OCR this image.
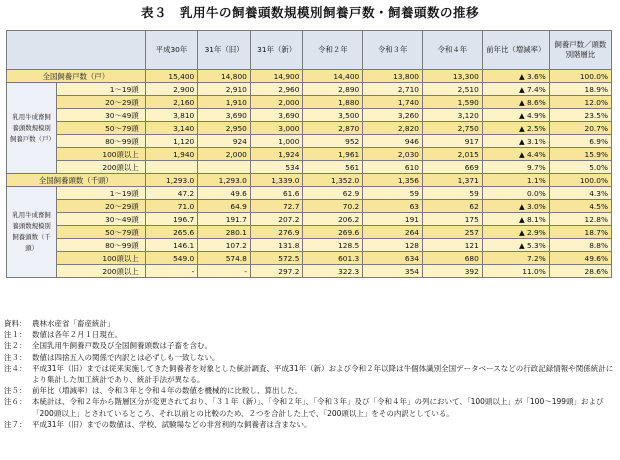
表３　乳用牛の飼養頭数規模別飼養戸数・飼養頭数の推移
		平成30年	31年（旧）	31年（新）	令和２年	令和３年	令和４年	前年比（増減率）	飼養戸数／頭数別階層比
全国飼養戸数（戸）		15,400	14,800	14,900	14,400	13,800	13,300	▲ 3.6%	100.0%
乳用牛成畜飼養頭数規模別飼養戸数（戸）	1〜19頭	2,900	2,910	2,960	2,890	2,710	2,510	▲ 7.4%	18.9%
	20〜29頭	2,160	1,910	2,000	1,880	1,740	1,590	▲ 8.6%	12.0%
	30〜49頭	3,810	3,690	3,690	3,500	3,260	3,120	▲ 4.9%	23.5%
	50〜79頭	3,140	2,950	3,000	2,870	2,820	2,750	▲ 2.5%	20.7%
	80〜99頭	1,120	924	1,000	952	946	917	▲ 3.1%	6.9%
	100頭以上	1,940	2,000	1,924	1,961	2,030	2,015	▲ 4.4%	15.9%
	200頭以上			534	561	610	669	9.7%	5.0%
全国飼養頭数（千頭）		1,293.0	1,293.0	1,339.0	1,352.0	1,356	1,371	1.1%	100.0%
乳用牛成畜飼養頭数規模別飼養頭数（千頭）	1〜19頭	47.2	49.6	61.6	62.9	59	59	0.0%	4.3%
	20〜29頭	71.0	64.9	72.7	70.2	63	62	▲ 3.0%	4.5%
	30〜49頭	196.7	191.7	207.2	206.2	191	175	▲ 8.1%	12.8%
	50〜79頭	265.6	280.1	276.9	269.6	264	257	▲ 2.9%	18.7%
	80〜99頭	146.1	107.2	131.8	128.5	128	121	▲ 5.3%	8.8%
	100頭以上	549.0	574.8	572.5	601.3	634	680	7.2%	49.6%
	200頭以上	-	-	297.2	322.3	354	392	11.0%	28.6%
資料： 農林水産省「畜産統計」
注１： 数値は各年２月１日現在。
注２： 全国乳用牛飼養戸数及び全国飼養頭数は子畜を含む。
注３： 数値は四捨五入の関係で内訳とは必ずしも一致しない。
注４： 平成31年（旧）までは従来実施してきた飼養者を対象とした統計調査、平成31年（新）および令和２年以降は牛個体識別全国データベースなどの行政記録情報や関係統計により集計した加工統計であり、統計手法が異なる。
注５： 前年比（増減率）は、令和３年と令和４年の数値を機械的に比較し、算出した。
注６： 本統計は、令和２年から階層区分が変更されており、「３１年（新）」、「令和２年」、「令和３年」及び「令和４年」の列において、「100頭以上」が「100〜199頭」および「200頭以上」とされているところ、それ以前との比較のため、２つを合計した上で、「200頭以上」をその内訳としている。
注７： 平成31年（旧）までの数値は、学校、試験場などの非営利的な飼養者は含まない。
